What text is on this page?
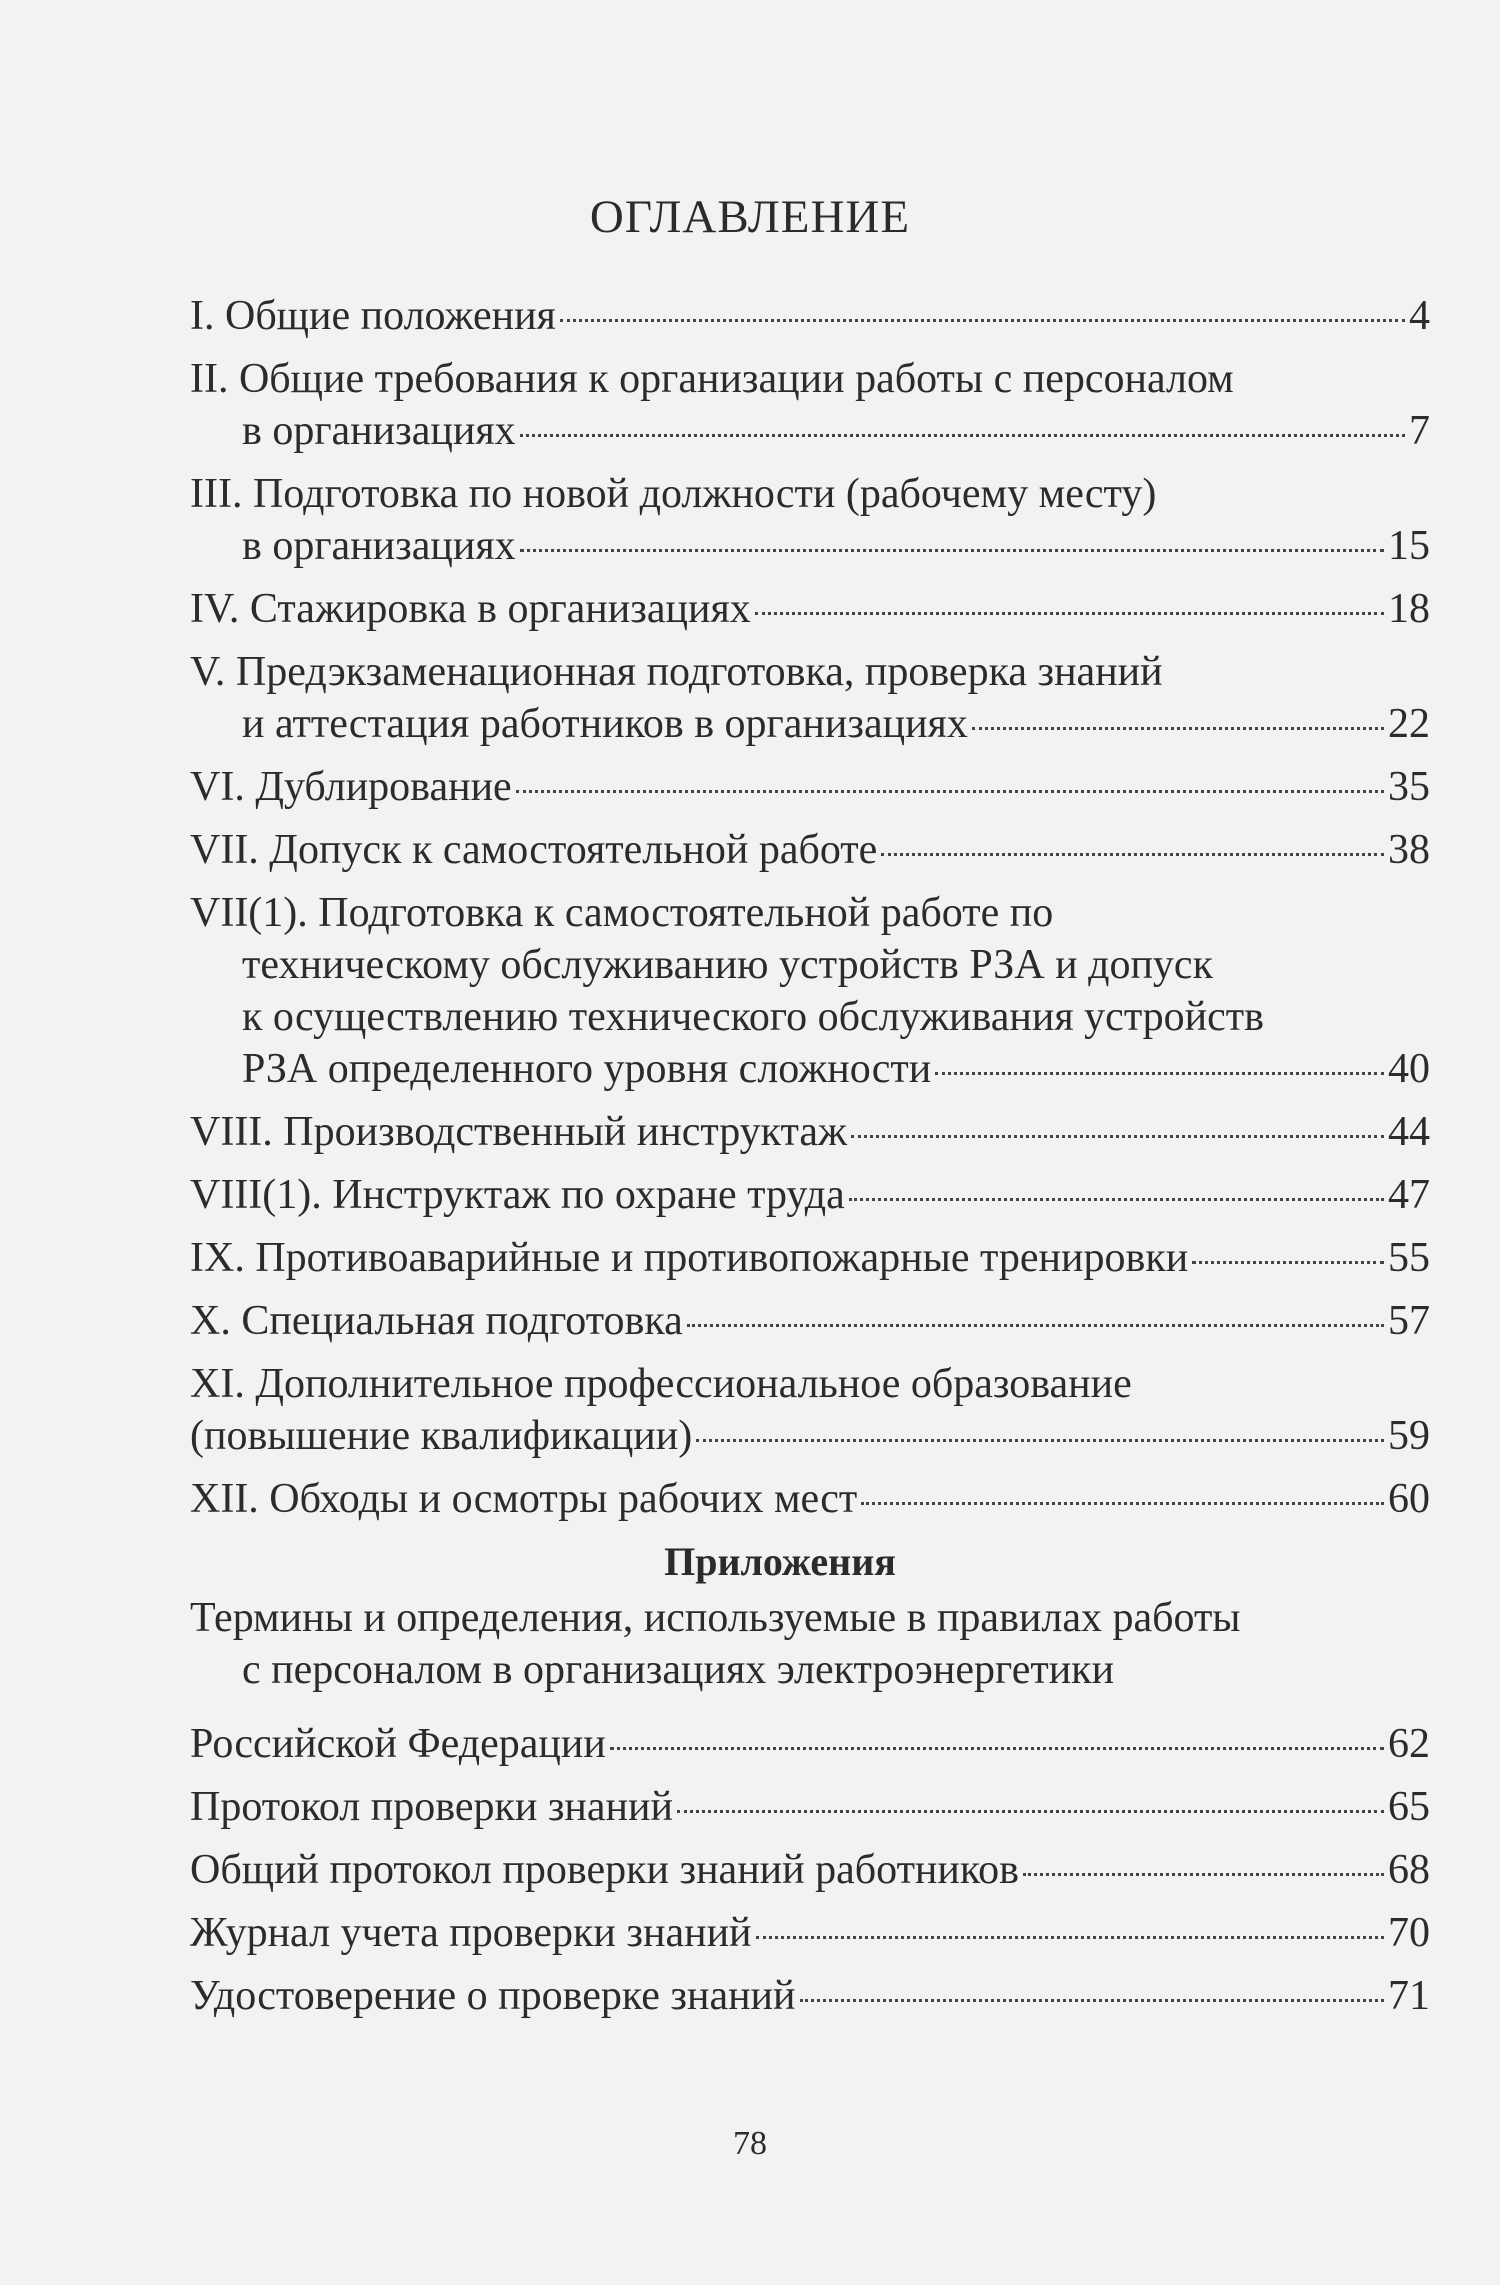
ОГЛАВЛЕНИЕ
I. Общие положения	4
II. Общие требования к организации работы с персоналом
в организациях	7
III. Подготовка по новой должности (рабочему месту)
в организациях	15
IV. Стажировка в организациях	18
V. Предэкзаменационная подготовка, проверка знаний
и аттестация работников в организациях	22
VI. Дублирование	35
VII. Допуск к самостоятельной работе	38
VII(1). Подготовка к самостоятельной работе по
техническому обслуживанию устройств РЗА и допуск
к осуществлению технического обслуживания устройств
РЗА определенного уровня сложности	40
VIII. Производственный инструктаж	44
VIII(1). Инструктаж по охране труда	47
IX. Противоаварийные и противопожарные тренировки	55
X. Специальная подготовка	57
XI. Дополнительное профессиональное образование
(повышение квалификации)	59
XII. Обходы и осмотры рабочих мест	60
Приложения
Термины и определения, используемые в правилах работы
с персоналом в организациях электроэнергетики
Российской Федерации	62
Протокол проверки знаний	65
Общий протокол проверки знаний работников	68
Журнал учета проверки знаний	70
Удостоверение о проверке знаний	71
78
